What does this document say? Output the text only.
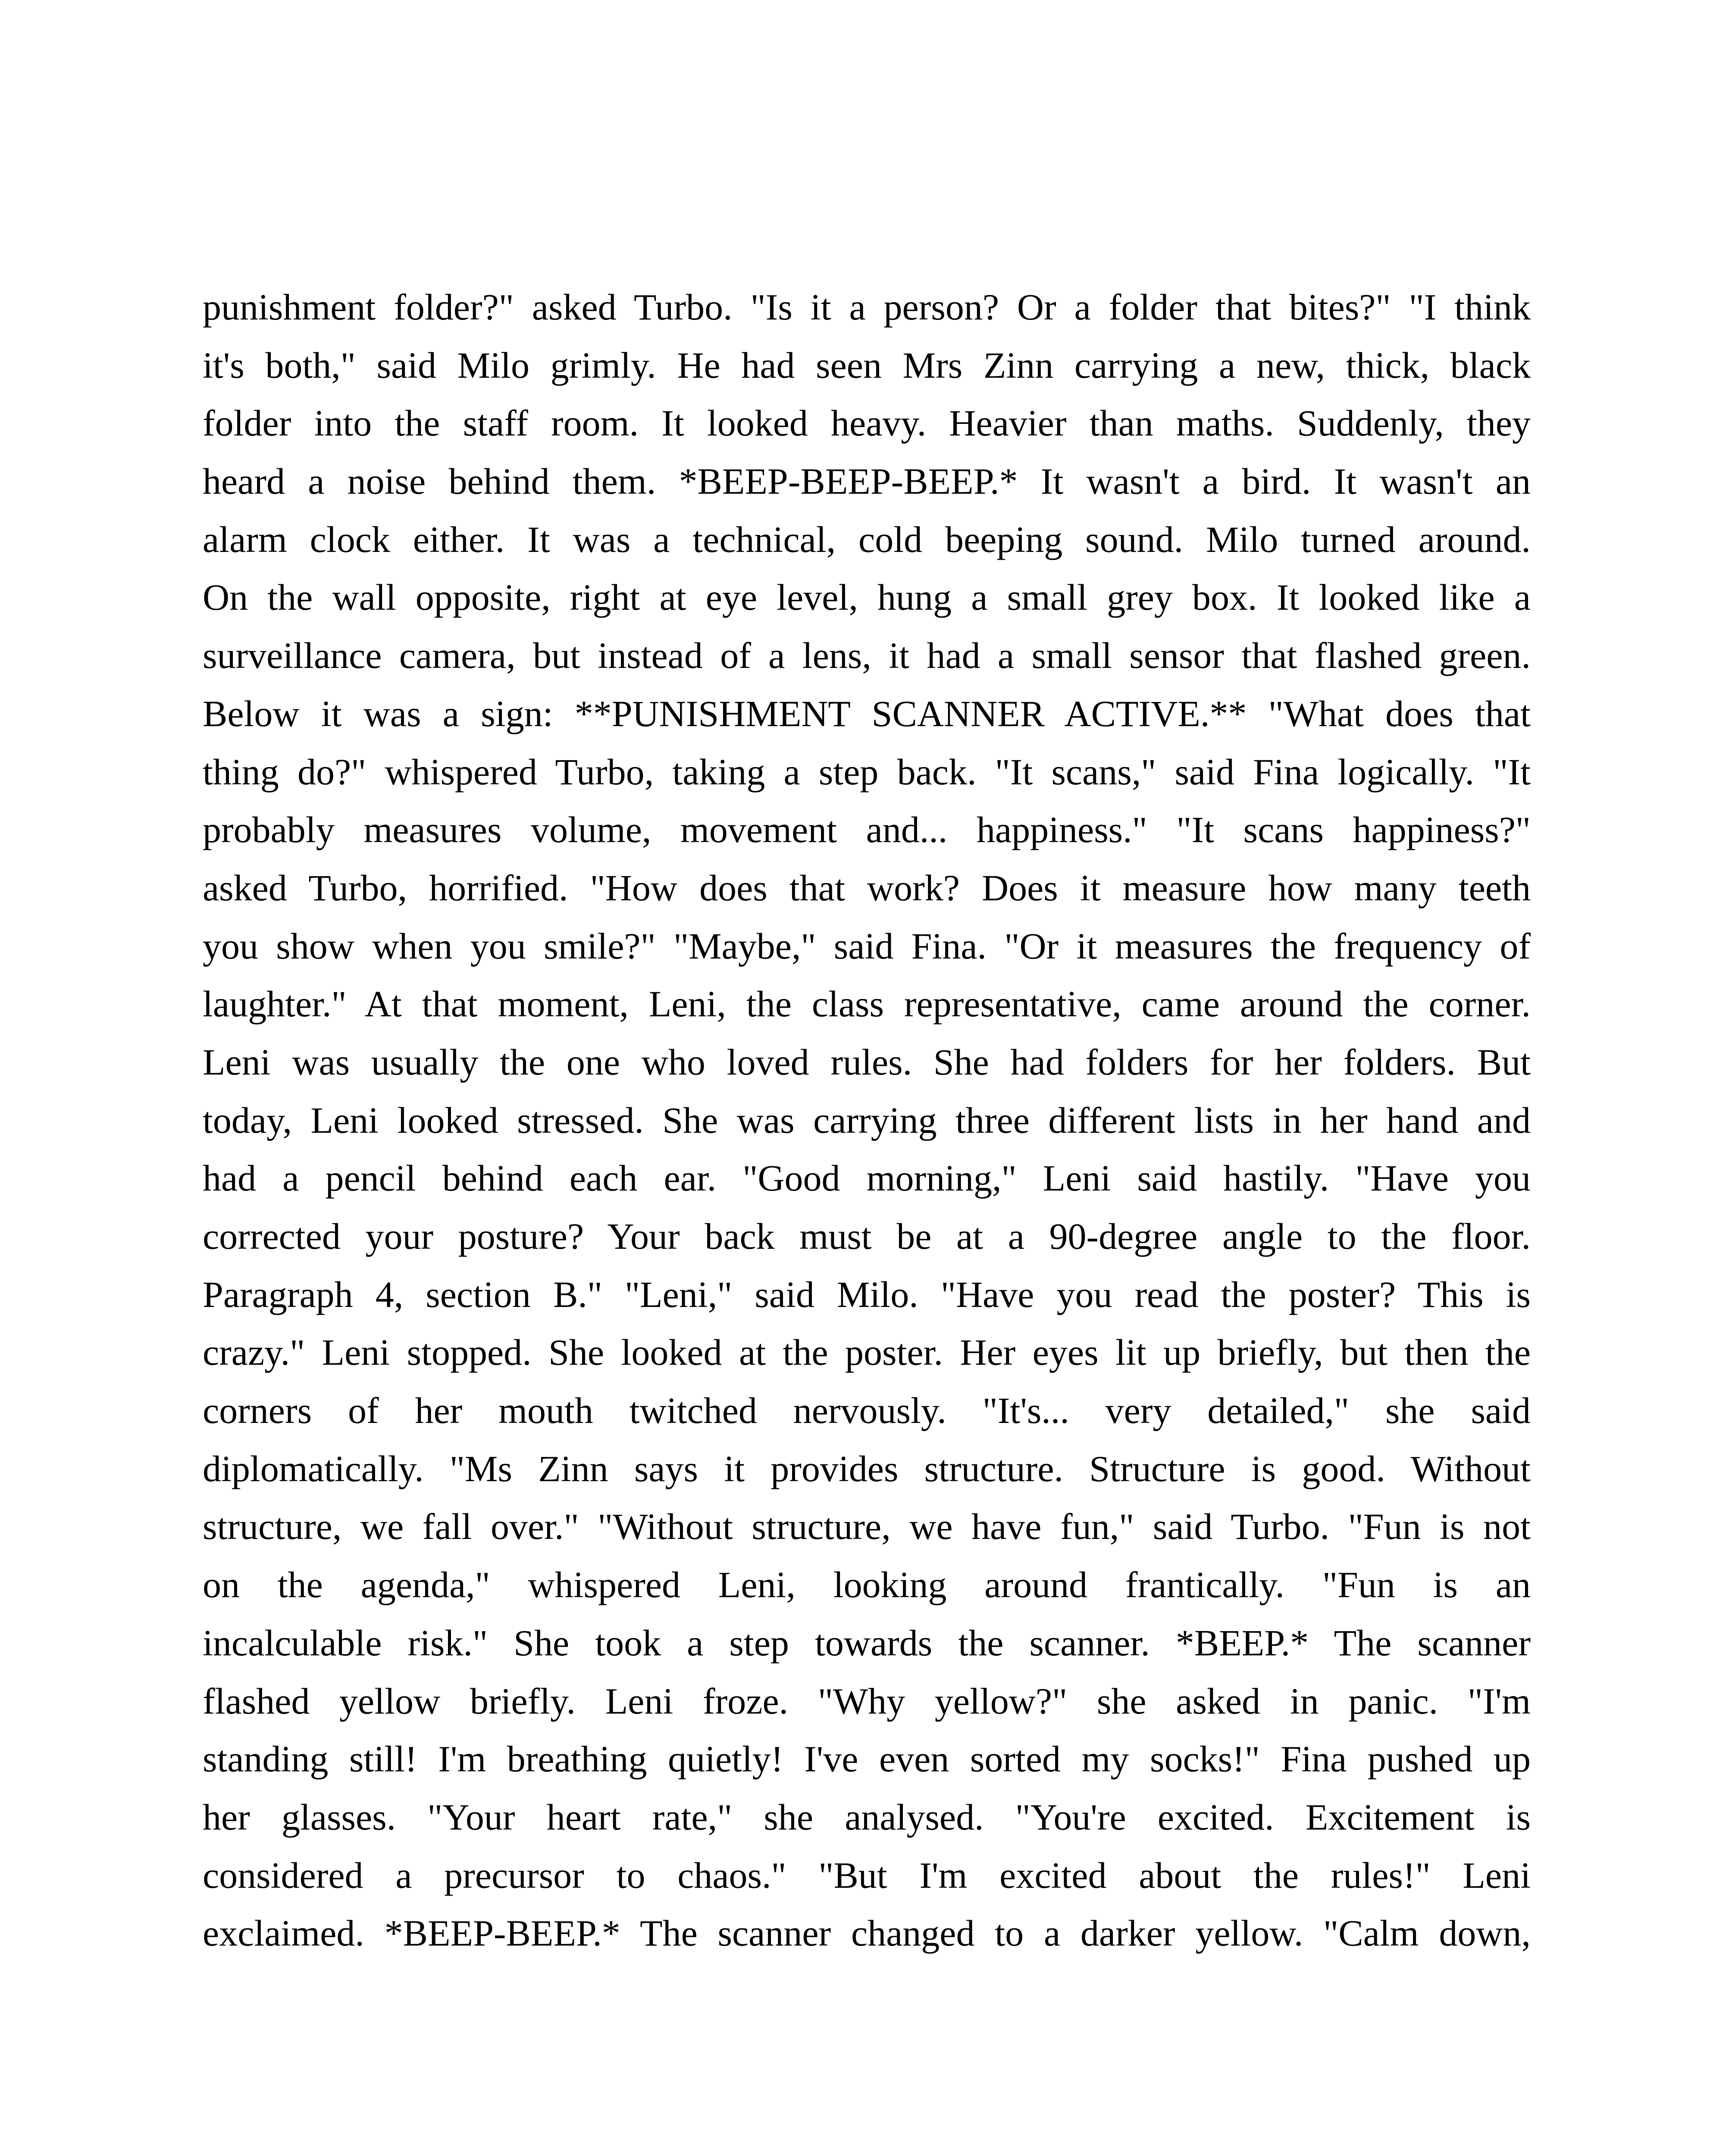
punishment folder?" asked Turbo. "Is it a person? Or a folder that bites?" "I think
it's both," said Milo grimly. He had seen Mrs Zinn carrying a new, thick, black
folder into the staff room. It looked heavy. Heavier than maths. Suddenly, they
heard a noise behind them. *BEEP-BEEP-BEEP.* It wasn't a bird. It wasn't an
alarm clock either. It was a technical, cold beeping sound. Milo turned around.
On the wall opposite, right at eye level, hung a small grey box. It looked like a
surveillance camera, but instead of a lens, it had a small sensor that flashed green.
Below it was a sign: **PUNISHMENT SCANNER ACTIVE.** "What does that
thing do?" whispered Turbo, taking a step back. "It scans," said Fina logically. "It
probably measures volume, movement and... happiness." "It scans happiness?"
asked Turbo, horrified. "How does that work? Does it measure how many teeth
you show when you smile?" "Maybe," said Fina. "Or it measures the frequency of
laughter." At that moment, Leni, the class representative, came around the corner.
Leni was usually the one who loved rules. She had folders for her folders. But
today, Leni looked stressed. She was carrying three different lists in her hand and
had a pencil behind each ear. "Good morning," Leni said hastily. "Have you
corrected your posture? Your back must be at a 90-degree angle to the floor.
Paragraph 4, section B." "Leni," said Milo. "Have you read the poster? This is
crazy." Leni stopped. She looked at the poster. Her eyes lit up briefly, but then the
corners of her mouth twitched nervously. "It's... very detailed," she said
diplomatically. "Ms Zinn says it provides structure. Structure is good. Without
structure, we fall over." "Without structure, we have fun," said Turbo. "Fun is not
on the agenda," whispered Leni, looking around frantically. "Fun is an
incalculable risk." She took a step towards the scanner. *BEEP.* The scanner
flashed yellow briefly. Leni froze. "Why yellow?" she asked in panic. "I'm
standing still! I'm breathing quietly! I've even sorted my socks!" Fina pushed up
her glasses. "Your heart rate," she analysed. "You're excited. Excitement is
considered a precursor to chaos." "But I'm excited about the rules!" Leni
exclaimed. *BEEP-BEEP.* The scanner changed to a darker yellow. "Calm down,
